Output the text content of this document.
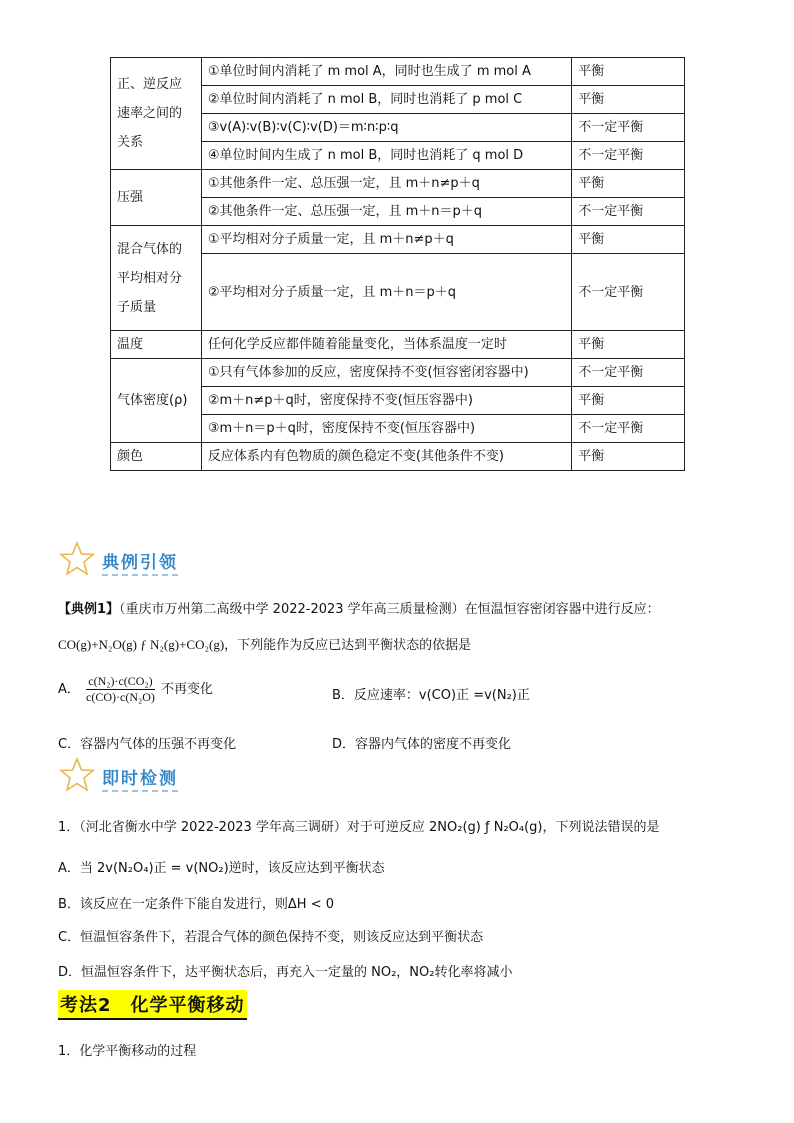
正、逆反应速率之间的关系	①单位时间内消耗了 m mol A，同时也生成了 m mol A	平衡
	②单位时间内消耗了 n mol B，同时也消耗了 p mol C	平衡
	③v(A)∶v(B)∶v(C)∶v(D)＝m∶n∶p∶q	不一定平衡
	④单位时间内生成了 n mol B，同时也消耗了 q mol D	不一定平衡
压强	①其他条件一定、总压强一定，且 m＋n≠p＋q	平衡
	②其他条件一定、总压强一定，且 m＋n＝p＋q	不一定平衡
混合气体的平均相对分子质量	①平均相对分子质量一定，且 m＋n≠p＋q	平衡
	②平均相对分子质量一定，且 m＋n＝p＋q	不一定平衡
温度	任何化学反应都伴随着能量变化，当体系温度一定时	平衡
气体密度(ρ)	①只有气体参加的反应，密度保持不变(恒容密闭容器中)	不一定平衡
	②m＋n≠p＋q时，密度保持不变(恒压容器中)	平衡
	③m＋n＝p＋q时，密度保持不变(恒压容器中)	不一定平衡
颜色	反应体系内有色物质的颜色稳定不变(其他条件不变)	平衡
典例引领
【典例1】（重庆市万州第二高级中学 2022-2023 学年高三质量检测）在恒温恒容密闭容器中进行反应：
CO(g)+N₂O(g) ƒ N₂(g)+CO₂(g)，下列能作为反应已达到平衡状态的依据是
A． $\frac{\text{c(N₂)·c(CO₂)}}{\text{c(CO)·c(N₂O)}}$ 不再变化	B．反应速率：v(CO)正 =v(N₂)正
C．容器内气体的压强不再变化	D．容器内气体的密度不再变化
即时检测
1．（河北省衡水中学 2022-2023 学年高三调研）对于可逆反应 2NO₂(g) ƒ N₂O₄(g)，下列说法错误的是
A．当 2v(N₂O₄)正 = v(NO₂)逆时，该反应达到平衡状态
B．该反应在一定条件下能自发进行，则ΔH < 0
C．恒温恒容条件下，若混合气体的颜色保持不变，则该反应达到平衡状态
D．恒温恒容条件下，达平衡状态后，再充入一定量的 NO₂，NO₂转化率将减小
考法2　化学平衡移动
1．化学平衡移动的过程
